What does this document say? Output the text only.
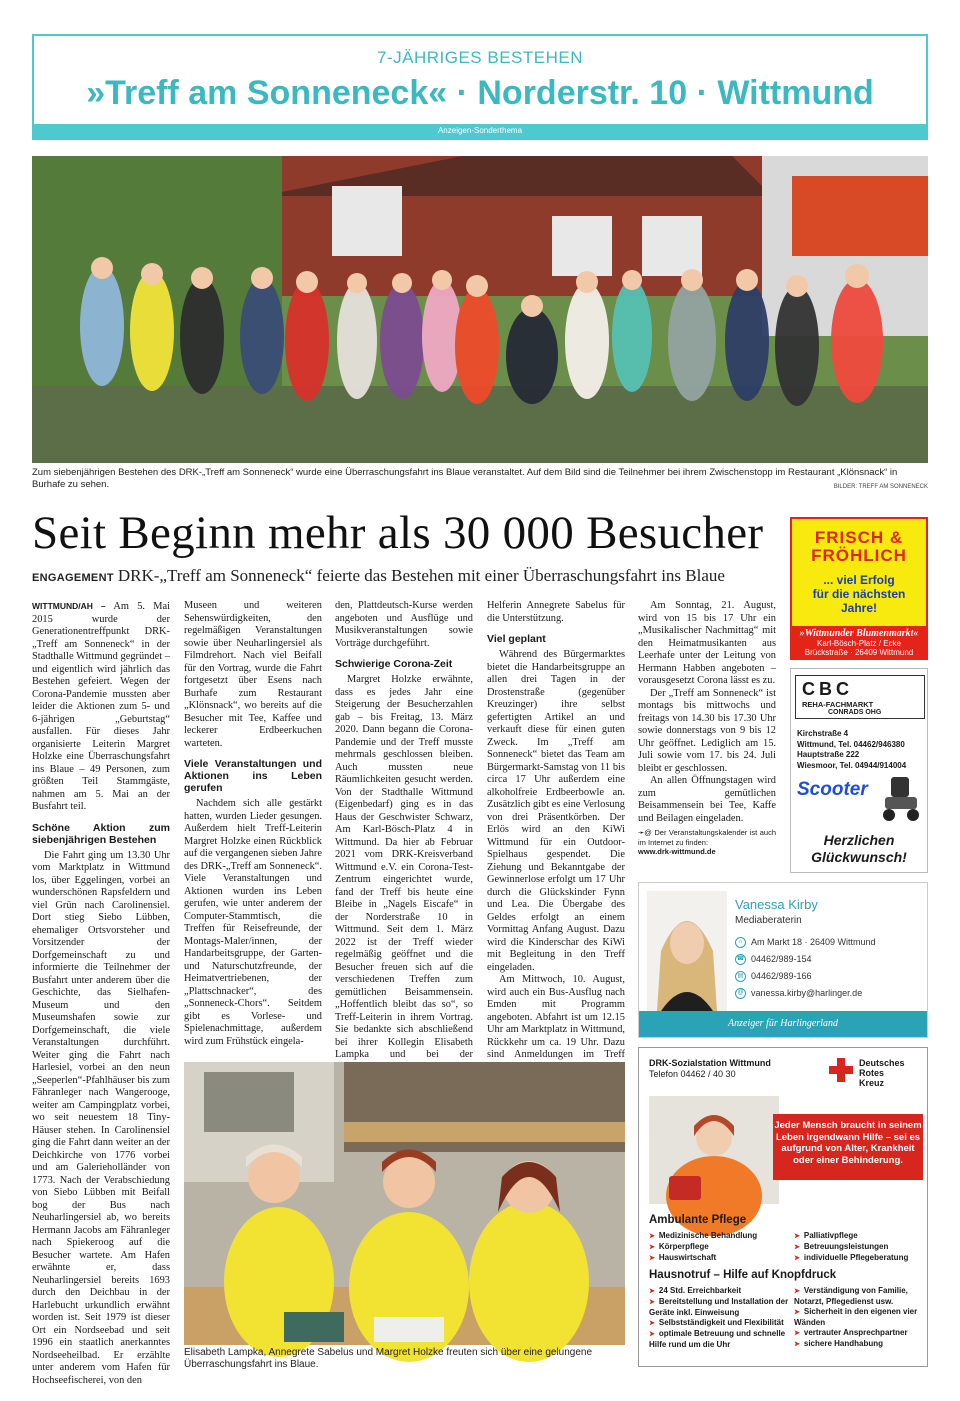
7-JÄHRIGES BESTEHEN
»Treff am Sonneneck« · Norderstr. 10 · Wittmund
Anzeigen-Sonderthema
Zum siebenjährigen Bestehen des DRK-„Treff am Sonneneck“ wurde eine Überraschungsfahrt ins Blaue veranstaltet. Auf dem Bild sind die Teilnehmer bei ihrem Zwischenstopp im Restaurant „Klönsnack“ in Burhafe zu sehen.	BILDER: TREFF AM SONNENECK
Seit Beginn mehr als 30 000 Besucher
ENGAGEMENT DRK-„Treff am Sonneneck“ feierte das Bestehen mit einer Überraschungsfahrt ins Blaue

WITTMUND/AH – Am 5. Mai 2015 wurde der Generationentreffpunkt DRK-„Treff am Sonneneck“ in der Stadthalle Wittmund gegründet – und eigentlich wird jährlich das Bestehen gefeiert. Wegen der Corona-Pandemie mussten aber leider die Aktionen zum 5- und 6-jährigen „Geburtstag“ ausfallen. Für dieses Jahr organisierte Leiterin Margret Holzke eine Überraschungsfahrt ins Blaue – 49 Personen, zum größten Teil Stammgäste, nahmen am 5. Mai an der Busfahrt teil.

Schöne Aktion zum siebenjährigen Bestehen

Die Fahrt ging um 13.30 Uhr vom Marktplatz in Wittmund los, über Eggelingen, vorbei an wunderschönen Rapsfeldern und viel Grün nach Carolinensiel. Dort stieg Siebo Lübben, ehemaliger Ortsvorsteher und Vorsitzender der Dorfgemeinschaft zu und informierte die Teilnehmer der Busfahrt unter anderem über die Geschichte, das Sielhafen-Museum und den Museumshafen sowie zur Dorfgemeinschaft, die viele Veranstaltungen durchführt. Weiter ging die Fahrt nach Harlesiel, vorbei an den neun „Seeperlen“-Pfahlhäuser bis zum Fähranleger nach Wangerooge, weiter am Campingplatz vorbei, wo seit neuestem 18 Tiny-Häuser stehen. In Carolinensiel ging die Fahrt dann weiter an der Deichkirche von 1776 vorbei und am Galerieholländer von 1773. Nach der Verabschiedung von Siebo Lübben mit Beifall bog der Bus nach Neuharlingersiel ab, wo bereits Hermann Jacobs am Fähranleger nach Spiekeroog auf die Besucher wartete. Am Hafen erwähnte er, dass Neuharlingersiel bereits 1693 durch den Deichbau in der Harlebucht urkundlich erwähnt worden ist. Seit 1979 ist dieser Ort ein Nordseebad und seit 1996 ein staatlich anerkanntes Nordseeheilbad. Er erzählte unter anderem vom Hafen für Hochseefischerei, von den

Museen und weiteren Sehenswürdigkeiten, den regelmäßigen Veranstaltungen sowie über Neuharlingersiel als Filmdrehort. Nach viel Beifall für den Vortrag, wurde die Fahrt fortgesetzt über Esens nach Burhafe zum Restaurant „Klönsnack“, wo bereits auf die Besucher mit Tee, Kaffee und leckerer Erdbeerkuchen warteten.

Viele Veranstaltungen und Aktionen ins Leben gerufen

Nachdem sich alle gestärkt hatten, wurden Lieder gesungen. Außerdem hielt Treff-Leiterin Margret Holzke einen Rückblick auf die vergangenen sieben Jahre des DRK-„Treff am Sonneneck“. Viele Veranstaltungen und Aktionen wurden ins Leben gerufen, wie unter anderem der Computer-Stammtisch, die Treffen für Reisefreunde, der Montags-Maler/innen, der Handarbeitsgruppe, der Garten- und Naturschutzfreunde, der Heimatvertriebenen, der „Plattschnacker“, des „Sonneneck-Chors“. Seitdem gibt es Vorlese- und Spielenachmittage, außerdem wird zum Frühstück eingela-

den, Plattdeutsch-Kurse werden angeboten und Ausflüge und Musikveranstaltungen sowie Vorträge durchgeführt.

Schwierige Corona-Zeit

Margret Holzke erwähnte, dass es jedes Jahr eine Steigerung der Besucherzahlen gab – bis Freitag, 13. März 2020. Dann begann die Corona-Pandemie und der Treff musste mehrmals geschlossen bleiben. Auch mussten neue Räumlichkeiten gesucht werden. Von der Stadthalle Wittmund (Eigenbedarf) ging es in das Haus der Geschwister Schwarz, Am Karl-Bösch-Platz 4 in Wittmund. Da hier ab Februar 2021 vom DRK-Kreisverband Wittmund e.V. ein Corona-Test-Zentrum eingerichtet wurde, fand der Treff bis heute eine Bleibe in „Nagels Eiscafe“ in der Norderstraße 10 in Wittmund. Seit dem 1. März 2022 ist der Treff wieder regelmäßig geöffnet und die Besucher freuen sich auf die verschiedenen Treffen zum gemütlichen Beisammensein. „Hoffentlich bleibt das so“, so Treff-Leiterin in ihrem Vortrag. Sie bedankte sich abschließend bei ihrer Kollegin Elisabeth Lampka und bei der

Helferin Annegrete Sabelus für die Unterstützung.

Viel geplant

Während des Bürgermarktes bietet die Handarbeitsgruppe an allen drei Tagen in der Drostenstraße (gegenüber Kreuzinger) ihre selbst gefertigten Artikel an und verkauft diese für einen guten Zweck. Im „Treff am Sonneneck“ bietet das Team am Bürgermarkt-Samstag von 11 bis circa 17 Uhr außerdem eine alkoholfreie Erdbeerbowle an. Zusätzlich gibt es eine Verlosung von drei Präsentkörben. Der Erlös wird an den KiWi Wittmund für ein Outdoor-Spielhaus gespendet. Die Ziehung und Bekanntgabe der Gewinnerlose erfolgt um 17 Uhr durch die Glückskinder Fynn und Lea. Die Übergabe des Geldes erfolgt an einem Vormittag Anfang August. Dazu wird die Kinderschar des KiWi mit Begleitung in den Treff eingeladen.

Am Mittwoch, 10. August, wird auch ein Bus-Ausflug nach Emden mit Programm angeboten. Abfahrt ist um 12.15 Uhr am Marktplatz in Wittmund, Rückkehr um ca. 19 Uhr. Dazu sind Anmeldungen im Treff

Am Sonntag, 21. August, wird von 15 bis 17 Uhr ein „Musikalischer Nachmittag“ mit den Heimatmusikanten aus Leerhafe unter der Leitung von Hermann Habben angeboten – vorausgesetzt Corona lässt es zu.

Der „Treff am Sonneneck“ ist montags bis mittwochs und freitags von 14.30 bis 17.30 Uhr sowie donnerstags von 9 bis 12 Uhr geöffnet. Lediglich am 15. Juli sowie vom 17. bis 24. Juli bleibt er geschlossen.

An allen Öffnungstagen wird zum gemütlichen Beisammensein bei Tee, Kaffe und Beilagen eingeladen.

➛@ Der Veranstaltungskalender ist auch im Internet zu finden:
www.drk-wittmund.de
Elisabeth Lampka, Annegrete Sabelus und Margret Holzke freuten sich über eine gelungene Überraschungsfahrt ins Blaue.
FRISCH &
FRÖHLICH
... viel Erfolg
für die nächsten
Jahre!
»Wittmunder Blumenmarkt«
Karl-Bösch-Platz / Ecke
Brückstraße · 26409 Wittmund
CBC
REHA-FACHMARKT
CONRADS OHG
Kirchstraße 4
Wittmund, Tel. 04462/946380
Hauptstraße 222
Wiesmoor, Tel. 04944/914004
Scooter
Herzlichen
Glückwunsch!
Vanessa Kirby
Mediaberaterin
⌂ Am Markt 18 · 26409 Wittmund
☎ 04462/989-154
▤ 04462/989-166
@ vanessa.kirby@harlinger.de
Anzeiger für Harlingerland
DRK-Sozialstation Wittmund
Telefon 04462 / 40 30
Deutsches
Rotes
Kreuz
Jeder Mensch braucht in seinem Leben irgendwann Hilfe – sei es aufgrund von Alter, Krankheit oder einer Behinderung.
Ambulante Pflege
➤ Medizinische Behandlung
➤ Körperpflege
➤ Hauswirtschaft
➤ Palliativpflege
➤ Betreuungsleistungen
➤ individuelle Pflegeberatung
Hausnotruf – Hilfe auf Knopfdruck
➤ 24 Std. Erreichbarkeit
➤ Bereitstellung und Installation der Geräte inkl. Einweisung
➤ Selbstständigkeit und Flexibilität
➤ optimale Betreuung und schnelle Hilfe rund um die Uhr
➤ Verständigung von Familie, Notarzt, Pflegedienst usw.
➤ Sicherheit in den eigenen vier Wänden
➤ vertrauter Ansprechpartner
➤ sichere Handhabung
